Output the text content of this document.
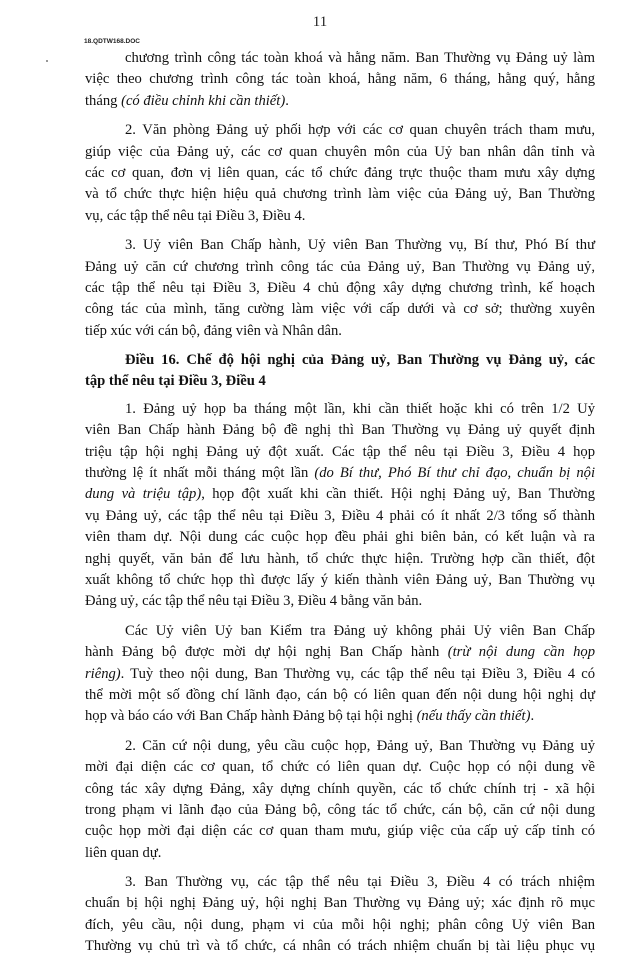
18.QDTW168.DOC
11
chương trình công tác toàn khoá và hằng năm. Ban Thường vụ Đảng uỷ làm
việc theo chương trình công tác toàn khoá, hằng năm, 6 tháng, hằng quý, hằng
tháng (có điều chỉnh khi cần thiết).
2. Văn phòng Đảng uỷ phối hợp với các cơ quan chuyên trách tham mưu,
giúp việc của Đảng uỷ, các cơ quan chuyên môn của Uỷ ban nhân dân tỉnh và
các cơ quan, đơn vị liên quan, các tổ chức đảng trực thuộc tham mưu xây dựng
và tổ chức thực hiện hiệu quả chương trình làm việc của Đảng uỷ, Ban Thường
vụ, các tập thể nêu tại Điều 3, Điều 4.
3. Uỷ viên Ban Chấp hành, Uỷ viên Ban Thường vụ, Bí thư, Phó Bí thư
Đảng uỷ căn cứ chương trình công tác của Đảng uỷ, Ban Thường vụ Đảng uỷ,
các tập thể nêu tại Điều 3, Điều 4 chủ động xây dựng chương trình, kế hoạch
công tác của mình, tăng cường làm việc với cấp dưới và cơ sở; thường xuyên
tiếp xúc với cán bộ, đảng viên và Nhân dân.
Điều 16. Chế độ hội nghị của Đảng uỷ, Ban Thường vụ Đảng uỷ, các
tập thể nêu tại Điều 3, Điều 4
1. Đảng uỷ họp ba tháng một lần, khi cần thiết hoặc khi có trên 1/2 Uỷ
viên Ban Chấp hành Đảng bộ đề nghị thì Ban Thường vụ Đảng uỷ quyết định
triệu tập hội nghị Đảng uỷ đột xuất. Các tập thể nêu tại Điều 3, Điều 4 họp
thường lệ ít nhất mỗi tháng một lần (do Bí thư, Phó Bí thư chỉ đạo, chuẩn bị nội
dung và triệu tập), họp đột xuất khi cần thiết. Hội nghị Đảng uỷ, Ban Thường
vụ Đảng uỷ, các tập thể nêu tại Điều 3, Điều 4 phải có ít nhất 2/3 tổng số thành
viên tham dự. Nội dung các cuộc họp đều phải ghi biên bản, có kết luận và ra
nghị quyết, văn bản để lưu hành, tổ chức thực hiện. Trường hợp cần thiết, đột
xuất không tổ chức họp thì được lấy ý kiến thành viên Đảng uỷ, Ban Thường vụ
Đảng uỷ, các tập thể nêu tại Điều 3, Điều 4 bằng văn bản.
Các Uỷ viên Uỷ ban Kiểm tra Đảng uỷ không phải Uỷ viên Ban Chấp
hành Đảng bộ được mời dự hội nghị Ban Chấp hành (trừ nội dung cần họp
riêng). Tuỳ theo nội dung, Ban Thường vụ, các tập thể nêu tại Điều 3, Điều 4 có
thể mời một số đồng chí lãnh đạo, cán bộ có liên quan đến nội dung hội nghị dự
họp và báo cáo với Ban Chấp hành Đảng bộ tại hội nghị (nếu thấy cần thiết).
2. Căn cứ nội dung, yêu cầu cuộc họp, Đảng uỷ, Ban Thường vụ Đảng uỷ
mời đại diện các cơ quan, tổ chức có liên quan dự. Cuộc họp có nội dung về
công tác xây dựng Đảng, xây dựng chính quyền, các tổ chức chính trị - xã hội
trong phạm vi lãnh đạo của Đảng bộ, công tác tổ chức, cán bộ, căn cứ nội dung
cuộc họp mời đại diện các cơ quan tham mưu, giúp việc của cấp uỷ cấp tỉnh có
liên quan dự.
3. Ban Thường vụ, các tập thể nêu tại Điều 3, Điều 4 có trách nhiệm
chuẩn bị hội nghị Đảng uỷ, hội nghị Ban Thường vụ Đảng uỷ; xác định rõ mục
đích, yêu cầu, nội dung, phạm vi của mỗi hội nghị; phân công Uỷ viên Ban
Thường vụ chủ trì và tổ chức, cá nhân có trách nhiệm chuẩn bị tài liệu phục vụ
